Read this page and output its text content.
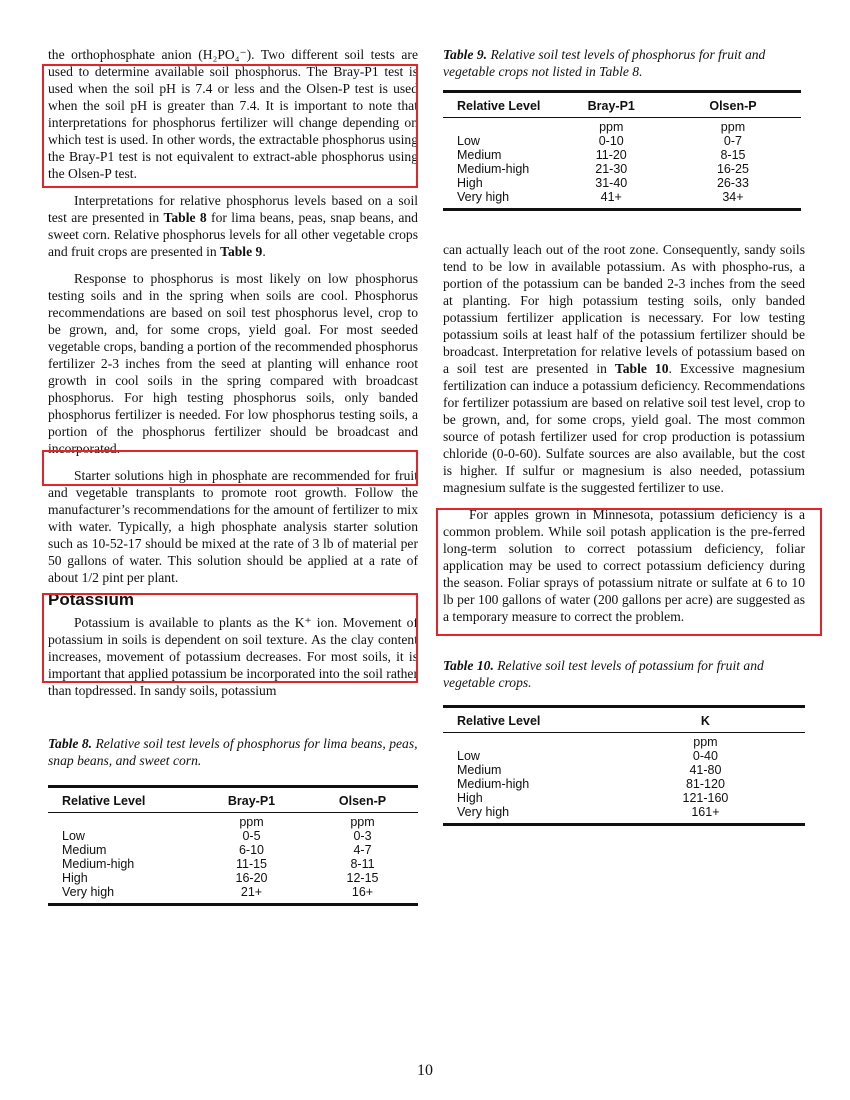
the orthophosphate anion (H₂PO₄⁻). Two different soil tests are used to determine available soil phosphorus. The Bray-P1 test is used when the soil pH is 7.4 or less and the Olsen-P test is used when the soil pH is greater than 7.4. It is important to note that interpretations for phosphorus fertilizer will change depending on which test is used. In other words, the extractable phosphorus using the Bray-P1 test is not equivalent to extract-able phosphorus using the Olsen-P test.

Interpretations for relative phosphorus levels based on a soil test are presented in Table 8 for lima beans, peas, snap beans, and sweet corn. Relative phosphorus levels for all other vegetable crops and fruit crops are presented in Table 9.

Response to phosphorus is most likely on low phosphorus testing soils and in the spring when soils are cool. Phosphorus recommendations are based on soil test phosphorus level, crop to be grown, and, for some crops, yield goal. For most seeded vegetable crops, banding a portion of the recommended phosphorus fertilizer 2-3 inches from the seed at planting will enhance root growth in cool soils in the spring compared with broadcast phosphorus. For high testing phosphorus soils, only banded phosphorus fertilizer is needed. For low phosphorus testing soils, a portion of the phosphorus fertilizer should be broadcast and incorporated.

Starter solutions high in phosphate are recommended for fruit and vegetable transplants to promote root growth. Follow the manufacturer’s recommendations for the amount of fertilizer to mix with water. Typically, a high phosphate analysis starter solution such as 10-52-17 should be mixed at the rate of 3 lb of material per 50 gallons of water. This solution should be applied at a rate of about 1/2 pint per plant.

Potassium

Potassium is available to plants as the K⁺ ion. Movement of potassium in soils is dependent on soil texture. As the clay content increases, movement of potassium decreases. For most soils, it is important that applied potassium be incorporated into the soil rather than topdressed. In sandy soils, potassium

Table 8. Relative soil test levels of phosphorus for lima beans, peas, snap beans, and sweet corn.

Relative Level	Bray-P1	Olsen-P
	ppm	ppm
Low	0-5	0-3
Medium	6-10	4-7
Medium-high	11-15	8-11
High	16-20	12-15
Very high	21+	16+

Table 9. Relative soil test levels of phosphorus for fruit and vegetable crops not listed in Table 8.

Relative Level	Bray-P1	Olsen-P
	ppm	ppm
Low	0-10	0-7
Medium	11-20	8-15
Medium-high	21-30	16-25
High	31-40	26-33
Very high	41+	34+

can actually leach out of the root zone. Consequently, sandy soils tend to be low in available potassium. As with phospho-rus, a portion of the potassium can be banded 2-3 inches from the seed at planting. For high potassium testing soils, only banded potassium fertilizer application is necessary. For low testing potassium soils at least half of the potassium fertilizer should be broadcast. Interpretation for relative levels of potassium based on a soil test are presented in Table 10. Excessive magnesium fertilization can induce a potassium deficiency. Recommendations for fertilizer potassium are based on relative soil test level, crop to be grown, and, for some crops, yield goal. The most common source of potash fertilizer used for crop production is potassium chloride (0-0-60). Sulfate sources are also available, but the cost is higher. If sulfur or magnesium is also needed, potassium magnesium sulfate is the suggested fertilizer to use.

For apples grown in Minnesota, potassium deficiency is a common problem. While soil potash application is the pre-ferred long-term solution to correct potassium deficiency, foliar application may be used to correct potassium deficiency during the season. Foliar sprays of potassium nitrate or sulfate at 6 to 10 lb per 100 gallons of water (200 gallons per acre) are suggested as a temporary measure to correct the problem.

Table 10. Relative soil test levels of potassium for fruit and vegetable crops.

Relative Level	K
	ppm
Low	0-40
Medium	41-80
Medium-high	81-120
High	121-160
Very high	161+

10
